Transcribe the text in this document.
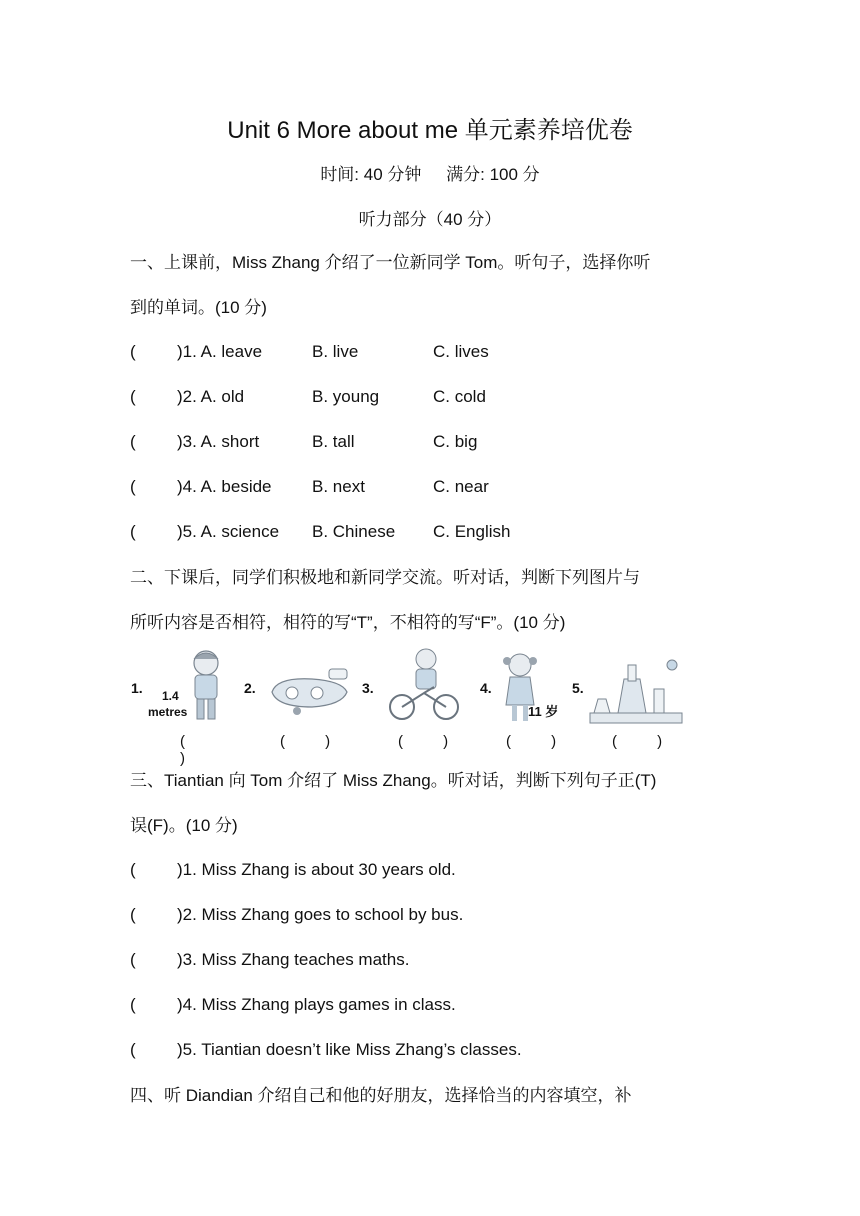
Unit 6 More about me 单元素养培优卷
时间: 40 分钟 满分: 100 分
听力部分（40 分）
一、上课前，Miss Zhang 介绍了一位新同学 Tom。听句子，选择你听
到的单词。(10 分)
( )1. A. leave	B. live	C. lives
( )2. A. old	B. young	C. cold
( )3. A. short	B. tall	C. big
( )4. A. beside B. next	C. near
( )5. A. science B. Chinese C. English
二、下课后，同学们积极地和新同学交流。听对话，判断下列图片与
所听内容是否相符，相符的写“T”，不相符的写“F”。(10 分)
1. 1.4
metres
( )
2.
( )
3.
( )
4.
11 岁
( )
5.
( )
三、Tiantian 向 Tom 介绍了 Miss Zhang。听对话，判断下列句子正(T)
误(F)。(10 分)
( )1. Miss Zhang is about 30 years old.
( )2. Miss Zhang goes to school by bus.
( )3. Miss Zhang teaches maths.
( )4. Miss Zhang plays games in class.
( )5. Tiantian doesn’t like Miss Zhang’s classes.
四、听 Diandian 介绍自己和他的好朋友，选择恰当的内容填空，补
